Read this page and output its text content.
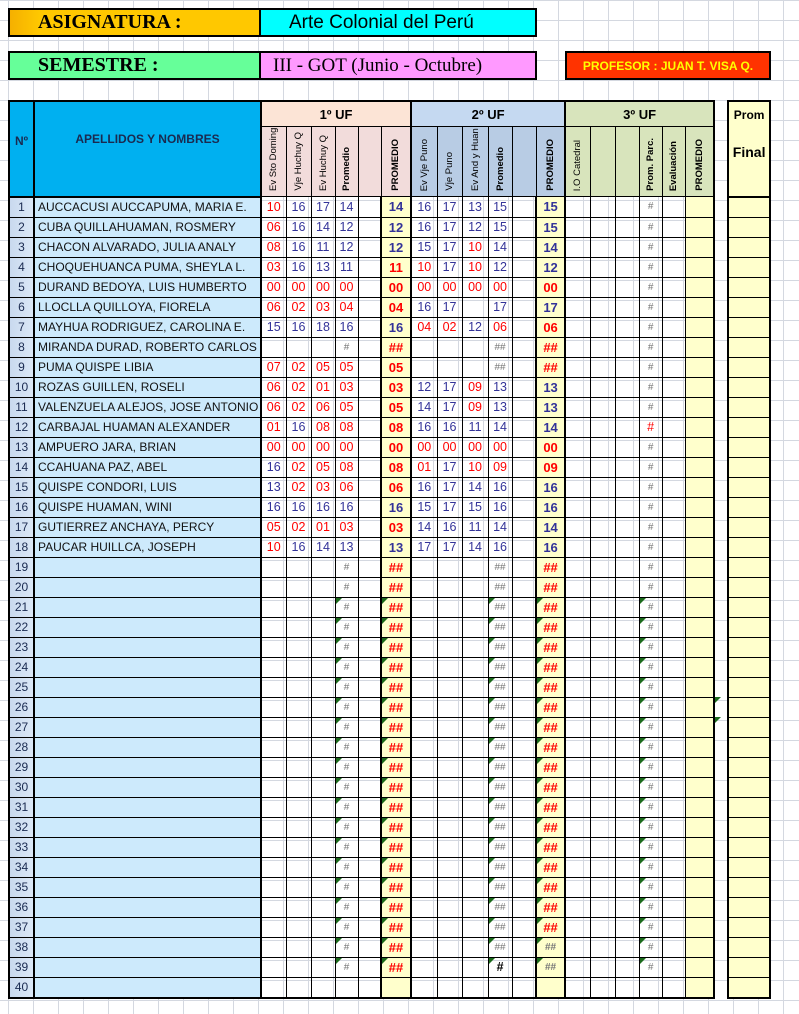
ASIGNATURA :	Arte Colonial del Perú
SEMESTRE :	III - GOT (Junio - Octubre)	PROFESOR : JUAN T. VISA Q.
Nº	APELLIDOS Y NOMBRES	1º UF						2º UF						3º UF							Prom
Final

		Ev Sto Doming	Vje Huchuy Q	Ev Huchuy Q	Promedio		PROMEDIO	Ev Vje Puno	Vje Puno	Ev And y Huan	Promedio		PROMEDIO	I.O Catedral			Prom. Parc.	Evaluación	PROMEDIO		
1	AUCCACUSI AUCCAPUMA, MARIA E.	10	16	17	14		14	16	17	13	15		15				#				
2	CUBA QUILLAHUAMAN, ROSMERY	06	16	14	12		12	16	17	12	15		15				#				
3	CHACON ALVARADO, JULIA ANALY	08	16	11	12		12	15	17	10	14		14				#				
4	CHOQUEHUANCA PUMA, SHEYLA L.	03	16	13	11		11	10	17	10	12		12				#				
5	DURAND BEDOYA, LUIS HUMBERTO	00	00	00	00		00	00	00	00	00		00				#				
6	LLOCLLA QUILLOYA, FIORELA	06	02	03	04		04	16	17		17		17				#				
7	MAYHUA RODRIGUEZ, CAROLINA E.	15	16	18	16		16	04	02	12	06		06				#				
8	MIRANDA DURAD, ROBERTO CARLOS				#		##				##		##				#				
9	PUMA QUISPE LIBIA	07	02	05	05		05				##		##				#				
10	ROZAS GUILLEN, ROSELI	06	02	01	03		03	12	17	09	13		13				#				
11	VALENZUELA ALEJOS, JOSE ANTONIO	06	02	06	05		05	14	17	09	13		13				#				
12	CARBAJAL HUAMAN ALEXANDER	01	16	08	08		08	16	16	11	14		14				#				
13	AMPUERO JARA, BRIAN	00	00	00	00		00	00	00	00	00		00				#				
14	CCAHUANA PAZ, ABEL	16	02	05	08		08	01	17	10	09		09				#				
15	QUISPE CONDORI, LUIS	13	02	03	06		06	16	17	14	16		16				#				
16	QUISPE HUAMAN, WINI	16	16	16	16		16	15	17	15	16		16				#				
17	GUTIERREZ ANCHAYA, PERCY	05	02	01	03		03	14	16	11	14		14				#				
18	PAUCAR HUILLCA, JOSEPH	10	16	14	13		13	17	17	14	16		16				#				
19					#		##				##		##				#				
20					#		##				##		##				#				
21					#		##				##		##				#				
22					#		##				##		##				#				
23					#		##				##		##				#				
24					#		##				##		##				#				
25					#		##				##		##				#				
26					#		##				##		##				#				
27					#		##				##		##				#				
28					#		##				##		##				#				
29					#		##				##		##				#				
30					#		##				##		##				#				
31					#		##				##		##				#				
32					#		##				##		##				#				
33					#		##				##		##				#				
34					#		##				##		##				#				
35					#		##				##		##				#				
36					#		##				##		##				#				
37					#		##				##		##				#				
38					#		##				##		##				#				
39					#		##				#		##				#				
40	
